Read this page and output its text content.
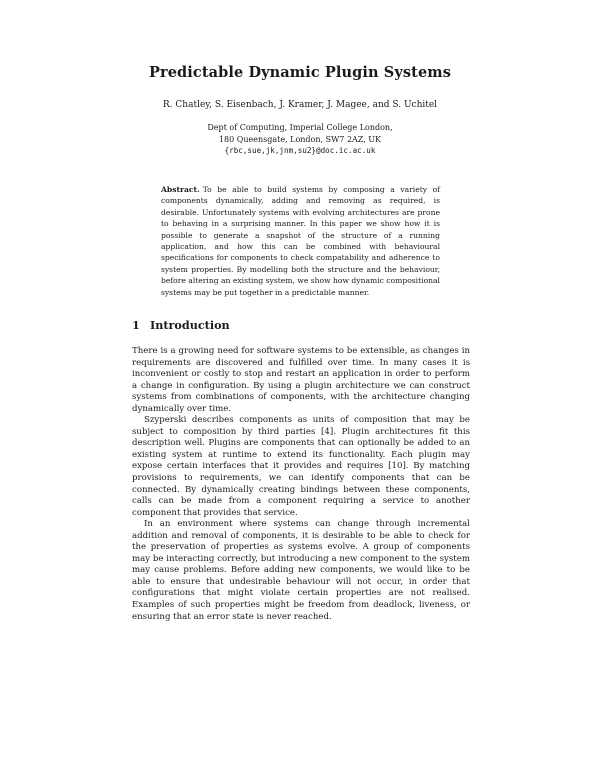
Predictable Dynamic Plugin Systems
R. Chatley, S. Eisenbach, J. Kramer, J. Magee, and S. Uchitel
Dept of Computing, Imperial College London,
180 Queensgate, London, SW7 2AZ, UK
{rbc,sue,jk,jnm,su2}@doc.ic.ac.uk
Abstract. To be able to build systems by composing a variety of components dynamically, adding and removing as required, is desirable. Unfortunately systems with evolving architectures are prone to behaving in a surprising manner. In this paper we show how it is possible to generate a snapshot of the structure of a running application, and how this can be combined with behavioural specifications for components to check compatability and adherence to system properties. By modelling both the structure and the behaviour, before altering an existing system, we show how dynamic compositional systems may be put together in a predictable manner.
1 Introduction

There is a growing need for software systems to be extensible, as changes in requirements are discovered and fulfilled over time. In many cases it is inconvenient or costly to stop and restart an application in order to perform a change in configuration. By using a plugin architecture we can construct systems from combinations of components, with the architecture changing dynamically over time.

Szyperski describes components as units of composition that may be subject to composition by third parties [4]. Plugin architectures fit this description well. Plugins are components that can optionally be added to an existing system at runtime to extend its functionality. Each plugin may expose certain interfaces that it provides and requires [10]. By matching provisions to requirements, we can identify components that can be connected. By dynamically creating bindings between these components, calls can be made from a component requiring a service to another component that provides that service.

In an environment where systems can change through incremental addition and removal of components, it is desirable to be able to check for the preservation of properties as systems evolve. A group of components may be interacting correctly, but introducing a new component to the system may cause problems. Before adding new components, we would like to be able to ensure that undesirable behaviour will not occur, in order that configurations that might violate certain properties are not realised. Examples of such properties might be freedom from deadlock, liveness, or ensuring that an error state is never reached.
